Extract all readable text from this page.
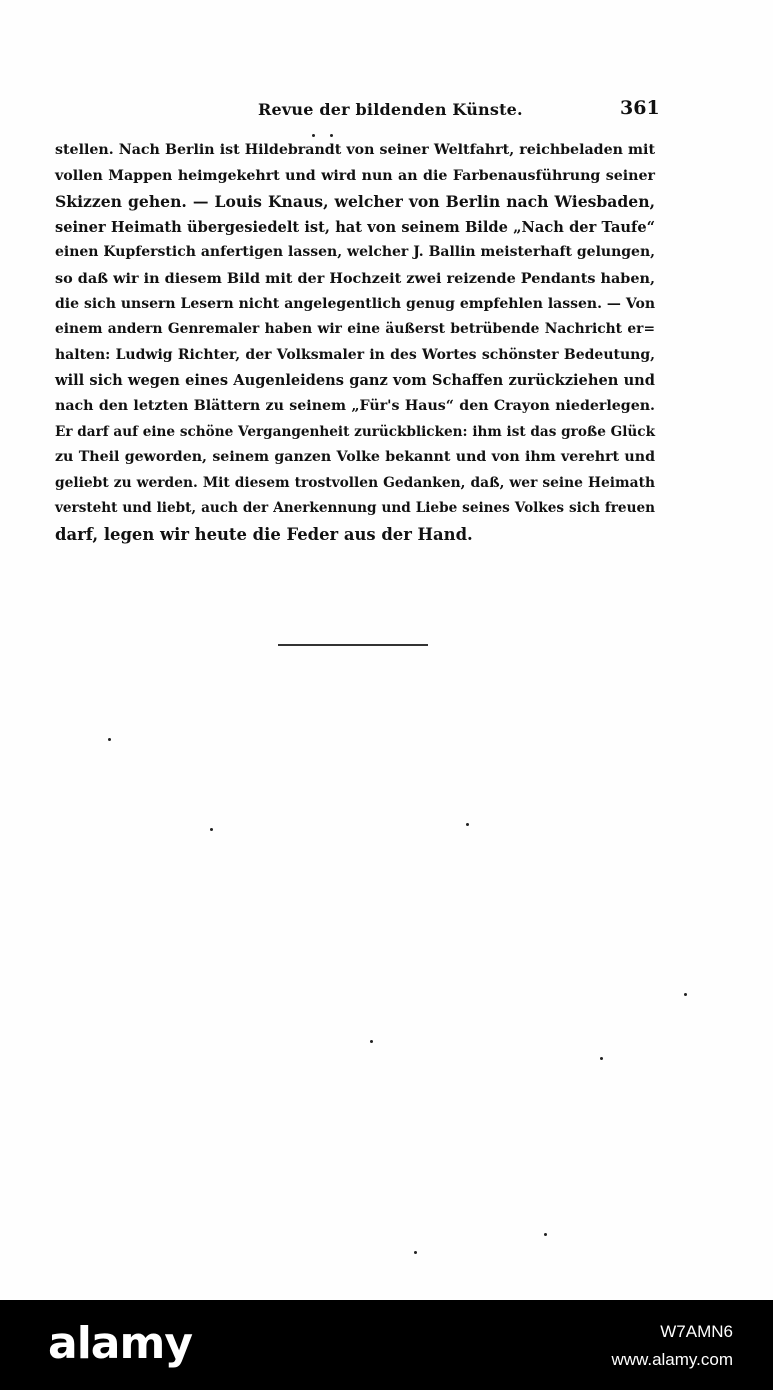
Revue der bildenden Künste.	361
stellen. Nach Berlin ist Hildebrandt von seiner Weltfahrt, reichbeladen mit
vollen Mappen heimgekehrt und wird nun an die Farbenausführung seiner
Skizzen gehen. — Louis Knaus, welcher von Berlin nach Wiesbaden,
seiner Heimath übergesiedelt ist, hat von seinem Bilde „Nach der Taufe“
einen Kupferstich anfertigen lassen, welcher J. Ballin meisterhaft gelungen,
so daß wir in diesem Bild mit der Hochzeit zwei reizende Pendants haben,
die sich unsern Lesern nicht angelegentlich genug empfehlen lassen. — Von
einem andern Genremaler haben wir eine äußerst betrübende Nachricht er=
halten: Ludwig Richter, der Volksmaler in des Wortes schönster Bedeutung,
will sich wegen eines Augenleidens ganz vom Schaffen zurückziehen und
nach den letzten Blättern zu seinem „Für's Haus“ den Crayon niederlegen.
Er darf auf eine schöne Vergangenheit zurückblicken: ihm ist das große Glück
zu Theil geworden, seinem ganzen Volke bekannt und von ihm verehrt und
geliebt zu werden. Mit diesem trostvollen Gedanken, daß, wer seine Heimath
versteht und liebt, auch der Anerkennung und Liebe seines Volkes sich freuen
darf, legen wir heute die Feder aus der Hand.
alamy	W7AMN6
www.alamy.com
